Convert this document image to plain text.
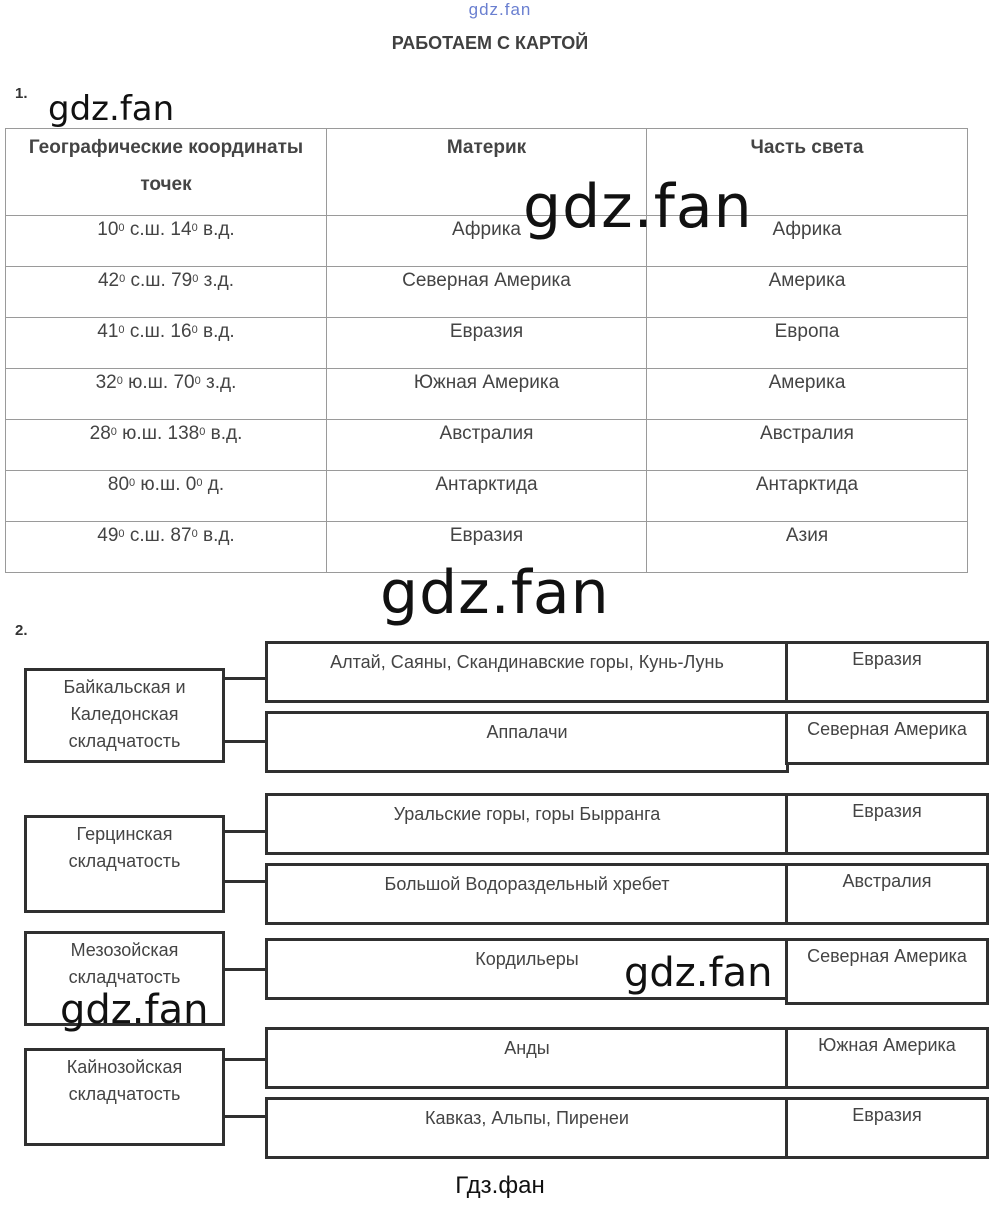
gdz.fan
РАБОТАЕМ С КАРТОЙ
1. gdz.fan
Географические координаты точек	Материк	Часть света
$10^0$ с.ш. $14^0$ в.д.	Африка	Африка
$42^0$ с.ш. $79^0$ з.д.	Северная Америка	Америка
$41^0$ с.ш. $16^0$ в.д.	Евразия	Европа
$32^0$ ю.ш. $70^0$ з.д.	Южная Америка	Америка
$28^0$ ю.ш. $138^0$ в.д.	Австралия	Австралия
$80^0$ ю.ш. $0^0$ д.	Антарктида	Антарктида
$49^0$ с.ш. $87^0$ в.д.	Евразия	Азия
gdz.fan
gdz.fan
2.
Байкальская и Каледонская складчатость
Алтай, Саяны, Скандинавские горы, Кунь-Лунь	Евразия
Аппалачи	Северная Америка
Герцинская складчатость
Уральские горы, горы Бырранга	Евразия
Большой Водораздельный хребет	Австралия
Мезозойская складчатость
Кордильеры	Северная Америка
gdz.fan
gdz.fan
Кайнозойская складчатость
Анды	Южная Америка
Кавказ, Альпы, Пиренеи	Евразия
Гдз.фан
